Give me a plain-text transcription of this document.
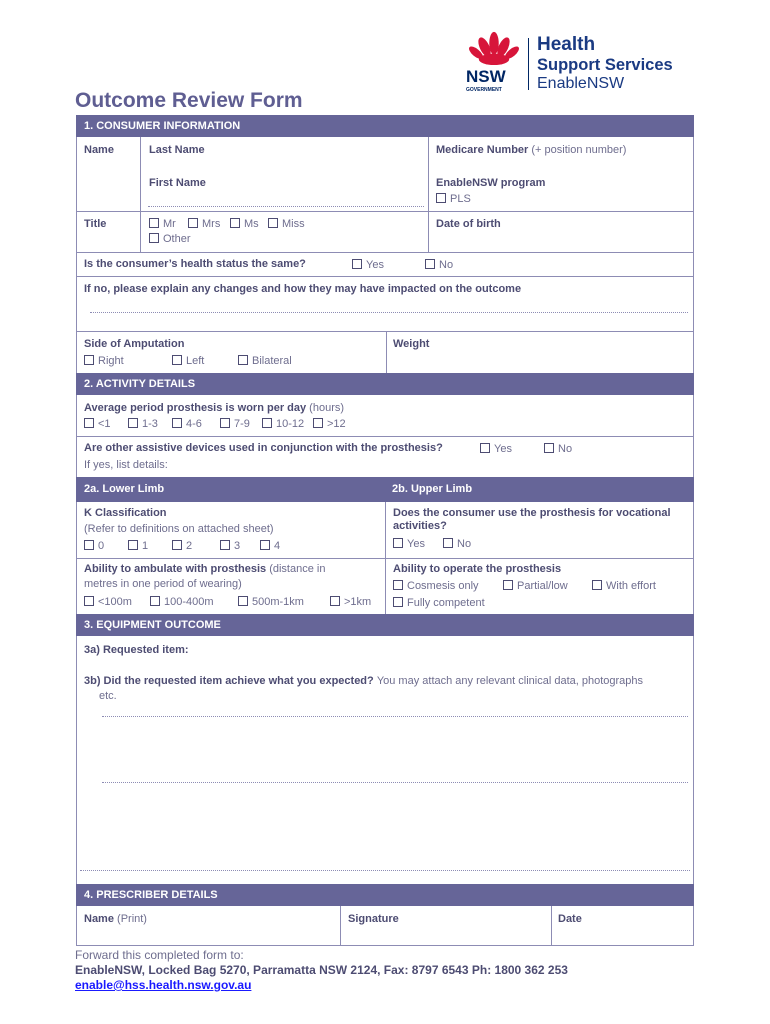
NSW
GOVERNMENT
Health
Support Services
EnableNSW
Outcome Review Form
1. CONSUMER INFORMATION
Name	Last Name
First Name
Medicare Number (+ position number)
EnableNSW program
PLS
Title	Mr	Mrs	Ms	Miss
Other
Date of birth
Is the consumer’s health status the same?	Yes	No
If no, please explain any changes and how they may have impacted on the outcome
Side of Amputation
Right	Left	Bilateral
Weight
2. ACTIVITY DETAILS
Average period prosthesis is worn per day (hours)
<1	1-3	4-6	7-9	10-12	>12
Are other assistive devices used in conjunction with the prosthesis?	Yes	No
If yes, list details:
2a. Lower Limb	2b. Upper Limb
K Classification
(Refer to definitions on attached sheet)
0	1	2	3	4
Does the consumer use the prosthesis for vocational activities?
Yes	No
Ability to ambulate with prosthesis (distance in
metres in one period of wearing)
<100m	100-400m	500m-1km	>1km
Ability to operate the prosthesis
Cosmesis only	Partial/low	With effort
Fully competent
3. EQUIPMENT OUTCOME
3a) Requested item:
3b) Did the requested item achieve what you expected? You may attach any relevant clinical data, photographs
etc.
4. PRESCRIBER DETAILS
Name (Print)	Signature	Date
Forward this completed form to:
EnableNSW, Locked Bag 5270, Parramatta NSW 2124, Fax: 8797 6543 Ph: 1800 362 253
enable@hss.health.nsw.gov.au
